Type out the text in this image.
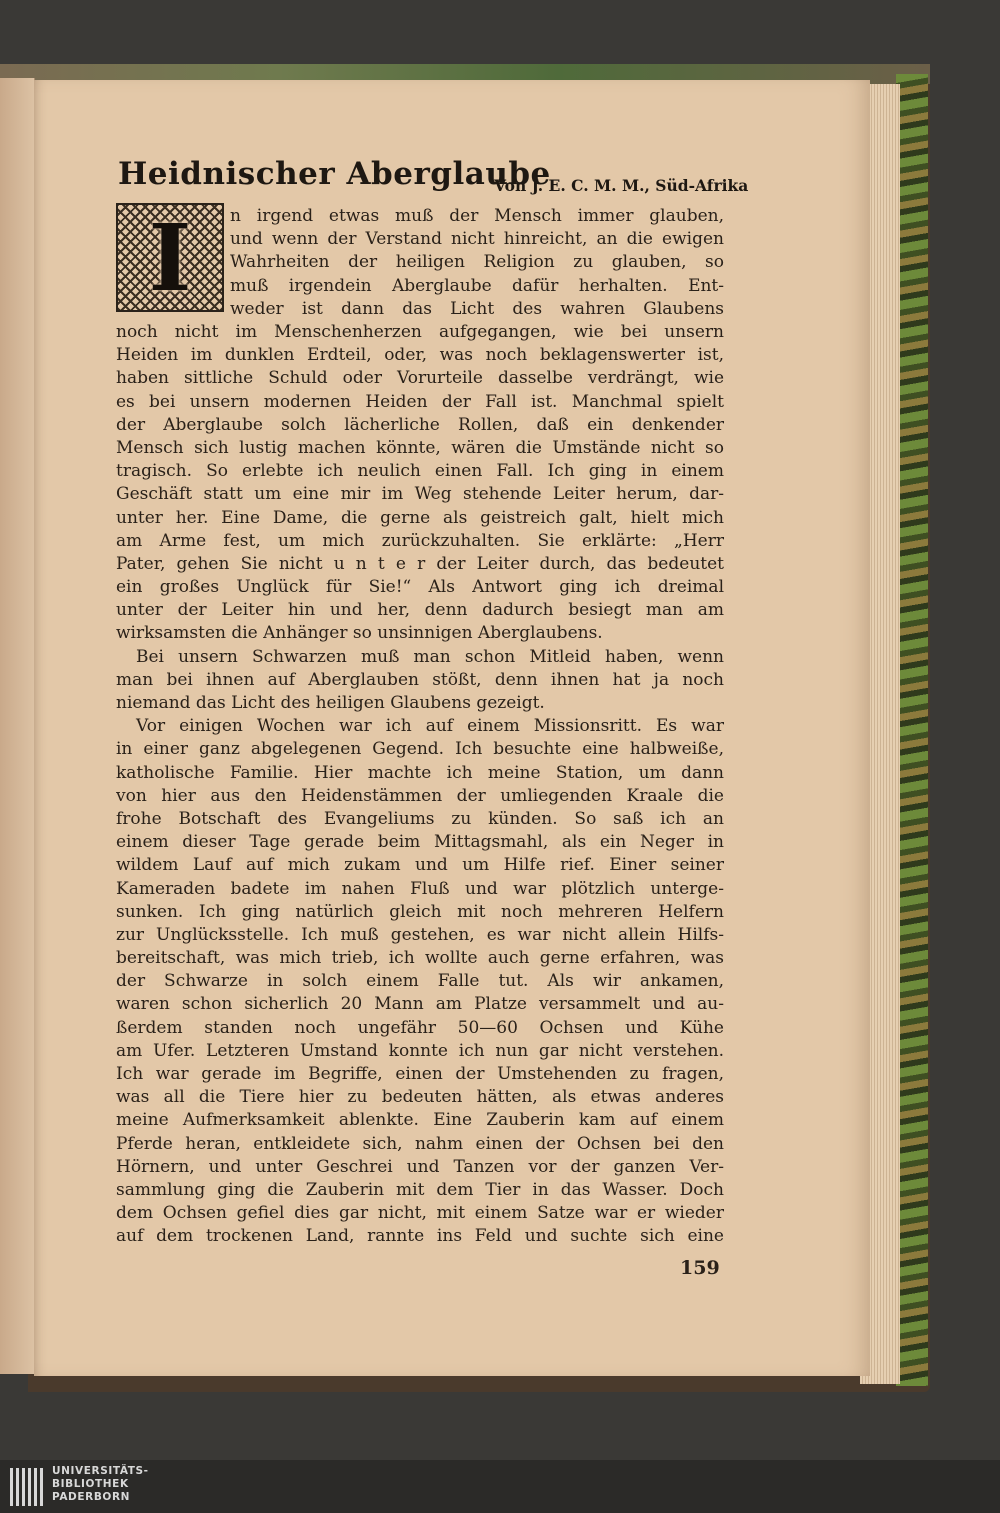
Heidnischer Aberglaube

Von J. E. C. M. M., Süd-Afrika

I	n irgend etwas muß der Mensch immer glauben,
und wenn der Verstand nicht hinreicht, an die ewigen
Wahrheiten der heiligen Religion zu glauben, so
muß irgendein Aberglaube dafür herhalten. Ent-
weder ist dann das Licht des wahren Glaubens
noch nicht im Menschenherzen aufgegangen, wie bei unsern
Heiden im dunklen Erdteil, oder, was noch beklagenswerter ist,
haben sittliche Schuld oder Vorurteile dasselbe verdrängt, wie
es bei unsern modernen Heiden der Fall ist. Manchmal spielt
der Aberglaube solch lächerliche Rollen, daß ein denkender
Mensch sich lustig machen könnte, wären die Umstände nicht so
tragisch. So erlebte ich neulich einen Fall. Ich ging in einem
Geschäft statt um eine mir im Weg stehende Leiter herum, dar-
unter her. Eine Dame, die gerne als geistreich galt, hielt mich
am Arme fest, um mich zurückzuhalten. Sie erklärte: „Herr
Pater, gehen Sie nicht u n t e r der Leiter durch, das bedeutet
ein großes Unglück für Sie!“ Als Antwort ging ich dreimal
unter der Leiter hin und her, denn dadurch besiegt man am
wirksamsten die Anhänger so unsinnigen Aberglaubens.
Bei unsern Schwarzen muß man schon Mitleid haben, wenn
man bei ihnen auf Aberglauben stößt, denn ihnen hat ja noch
niemand das Licht des heiligen Glaubens gezeigt.
Vor einigen Wochen war ich auf einem Missionsritt. Es war
in einer ganz abgelegenen Gegend. Ich besuchte eine halbweiße,
katholische Familie. Hier machte ich meine Station, um dann
von hier aus den Heidenstämmen der umliegenden Kraale die
frohe Botschaft des Evangeliums zu künden. So saß ich an
einem dieser Tage gerade beim Mittagsmahl, als ein Neger in
wildem Lauf auf mich zukam und um Hilfe rief. Einer seiner
Kameraden badete im nahen Fluß und war plötzlich unterge-
sunken. Ich ging natürlich gleich mit noch mehreren Helfern
zur Unglücksstelle. Ich muß gestehen, es war nicht allein Hilfs-
bereitschaft, was mich trieb, ich wollte auch gerne erfahren, was
der Schwarze in solch einem Falle tut. Als wir ankamen,
waren schon sicherlich 20 Mann am Platze versammelt und au-
ßerdem standen noch ungefähr 50—60 Ochsen und Kühe
am Ufer. Letzteren Umstand konnte ich nun gar nicht verstehen.
Ich war gerade im Begriffe, einen der Umstehenden zu fragen,
was all die Tiere hier zu bedeuten hätten, als etwas anderes
meine Aufmerksamkeit ablenkte. Eine Zauberin kam auf einem
Pferde heran, entkleidete sich, nahm einen der Ochsen bei den
Hörnern, und unter Geschrei und Tanzen vor der ganzen Ver-
sammlung ging die Zauberin mit dem Tier in das Wasser. Doch
dem Ochsen gefiel dies gar nicht, mit einem Satze war er wieder
auf dem trockenen Land, rannte ins Feld und suchte sich eine

159

UNIVERSITÄTS-
BIBLIOTHEK
PADERBORN
